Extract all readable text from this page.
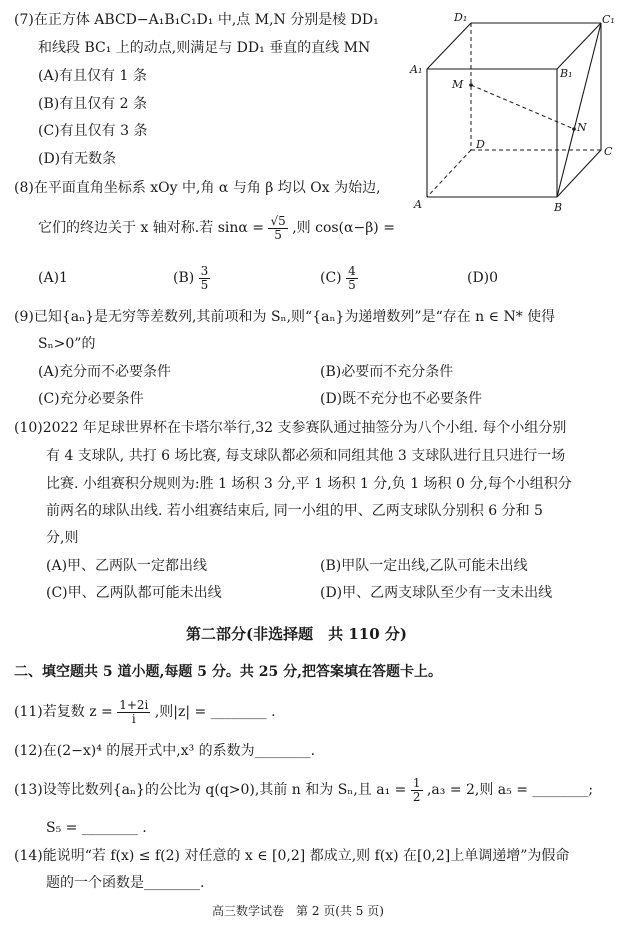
(7)在正方体 ABCD−A₁B₁C₁D₁ 中,点 M,N 分别是棱 DD₁
和线段 BC₁ 上的动点,则满足与 DD₁ 垂直的直线 MN
(A)有且仅有 1 条
(B)有且仅有 2 条
(C)有且仅有 3 条
(D)有无数条
D₁	C₁
A₁	B₁
M
N
D
C
A	B
(8)在平面直角坐标系 xOy 中,角 α 与角 β 均以 Ox 为始边,
它们的终边关于 x 轴对称.若 $\sin\alpha = \frac{√5}{5}$ ,则 cos(α−β) =
(A)1	$(B) \frac{3}{5}$	$(C) \frac{4}{5}$	(D)0
(9)已知{aₙ}是无穷等差数列,其前项和为 Sₙ,则“{aₙ}为递增数列”是“存在 n ∈ N* 使得
Sₙ>0”的
(A)充分而不必要条件	(B)必要而不充分条件
(C)充分必要条件	(D)既不充分也不必要条件
(10)2022 年足球世界杯在卡塔尔举行,32 支参赛队通过抽签分为八个小组. 每个小组分别
有 4 支球队, 共打 6 场比赛, 每支球队都必须和同组其他 3 支球队进行且只进行一场
比赛. 小组赛积分规则为:胜 1 场积 3 分,平 1 场积 1 分,负 1 场积 0 分,每个小组积分
前两名的球队出线. 若小组赛结束后, 同一小组的甲、乙两支球队分别积 6 分和 5
分,则
(A)甲、乙两队一定都出线	(B)甲队一定出线,乙队可能未出线
(C)甲、乙两队都可能未出线	(D)甲、乙两支球队至少有一支未出线
第二部分(非选择题　共 110 分)
二、填空题共 5 道小题,每题 5 分。共 25 分,把答案填在答题卡上。
(11)若复数 $z = \frac{1+2i}{i}$ ,则|z| = ________ .
(12)在(2−x)⁴ 的展开式中,x³ 的系数为________.
(13)设等比数列{aₙ}的公比为 q(q>0),其前 n 和为 Sₙ,且 $a_1 = \frac{1}{2} ,a_3 = 2$,则 a₅ = ________;
S₅ = ________ .
(14)能说明“若 f(x) ≤ f(2) 对任意的 x ∈ [0,2] 都成立,则 f(x) 在[0,2]上单调递增”为假命
题的一个函数是________.
高三数学试卷　第 2 页(共 5 页)
